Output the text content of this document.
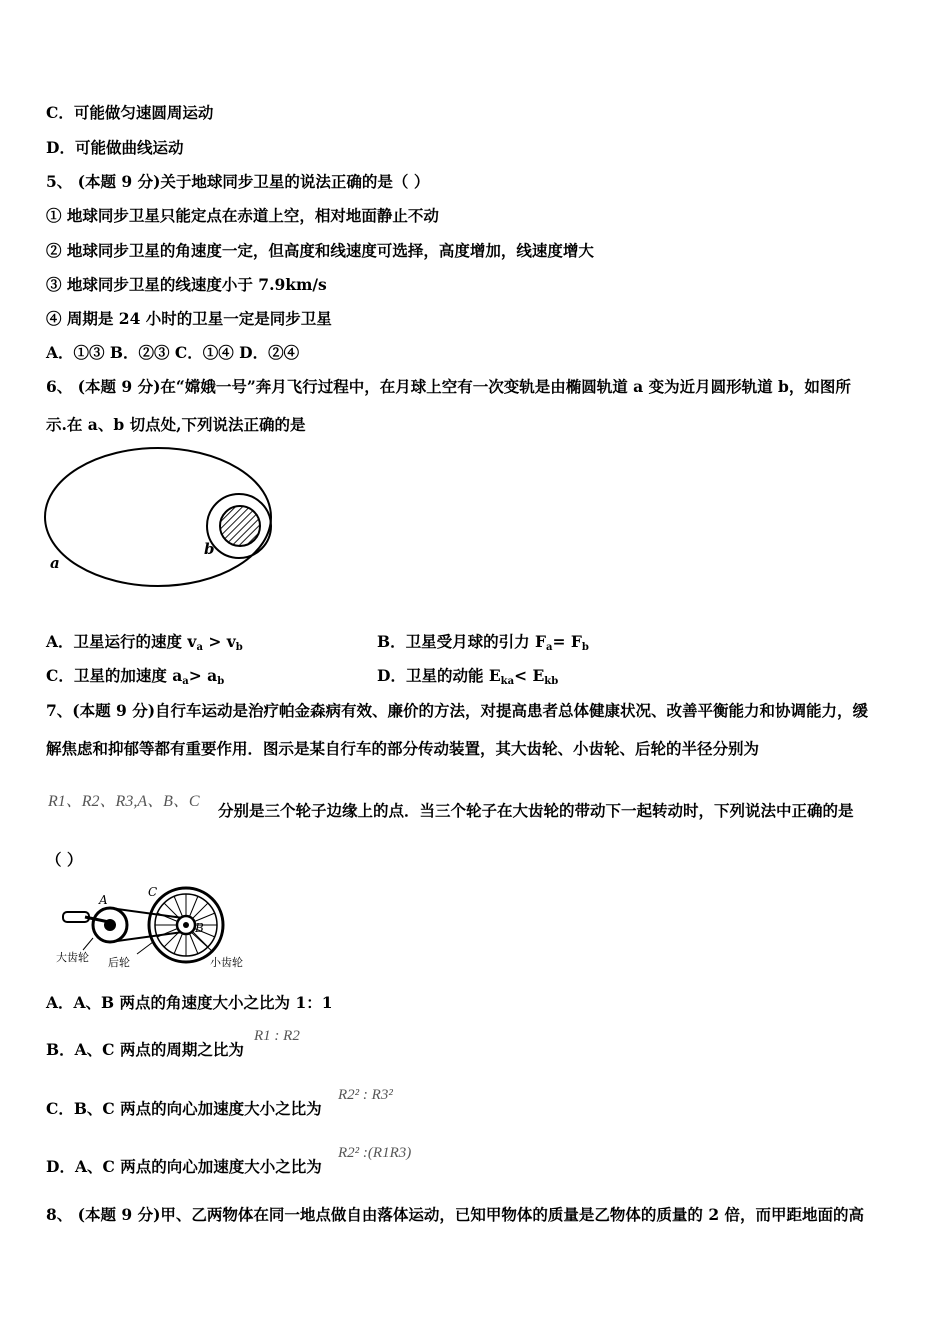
C．可能做匀速圆周运动
D．可能做曲线运动
5、 (本题 9 分)关于地球同步卫星的说法正确的是（ ）
① 地球同步卫星只能定点在赤道上空，相对地面静止不动
② 地球同步卫星的角速度一定，但高度和线速度可选择，高度增加，线速度增大
③ 地球同步卫星的线速度小于 7.9km/s
④ 周期是 24 小时的卫星一定是同步卫星
A．①③ B．②③ C．①④ D．②④
6、 (本题 9 分)在“嫦娥一号”奔月飞行过程中，在月球上空有一次变轨是由椭圆轨道 a 变为近月圆形轨道 b，如图所
示.在 a、b 切点处,下列说法正确的是
a
b
A．卫星运行的速度 $v_a > v_b$	B．卫星受月球的引力 $F_a= F_b$
C．卫星的加速度 $a_a> a_b$	D．卫星的动能 $E_{ka}< E_{kb}$
7、(本题 9 分)自行车运动是治疗帕金森病有效、廉价的方法，对提高患者总体健康状况、改善平衡能力和协调能力，缓
解焦虑和抑郁等都有重要作用．图示是某自行车的部分传动装置，其大齿轮、小齿轮、后轮的半径分别为
R1、R2、R3,A、B、C 分别是三个轮子边缘上的点．当三个轮子在大齿轮的带动下一起转动时，下列说法中正确的是
（ ）
A
B
C
大齿轮 后轮	小齿轮
A．A、B 两点的角速度大小之比为 1：1
B．A、C 两点的周期之比为
R1 : R2
C．B、C 两点的向心加速度大小之比为
R2² : R3²
D．A、C 两点的向心加速度大小之比为
R2² :(R1R3)
8、 (本题 9 分)甲、乙两物体在同一地点做自由落体运动，已知甲物体的质量是乙物体的质量的 2 倍，而甲距地面的高
